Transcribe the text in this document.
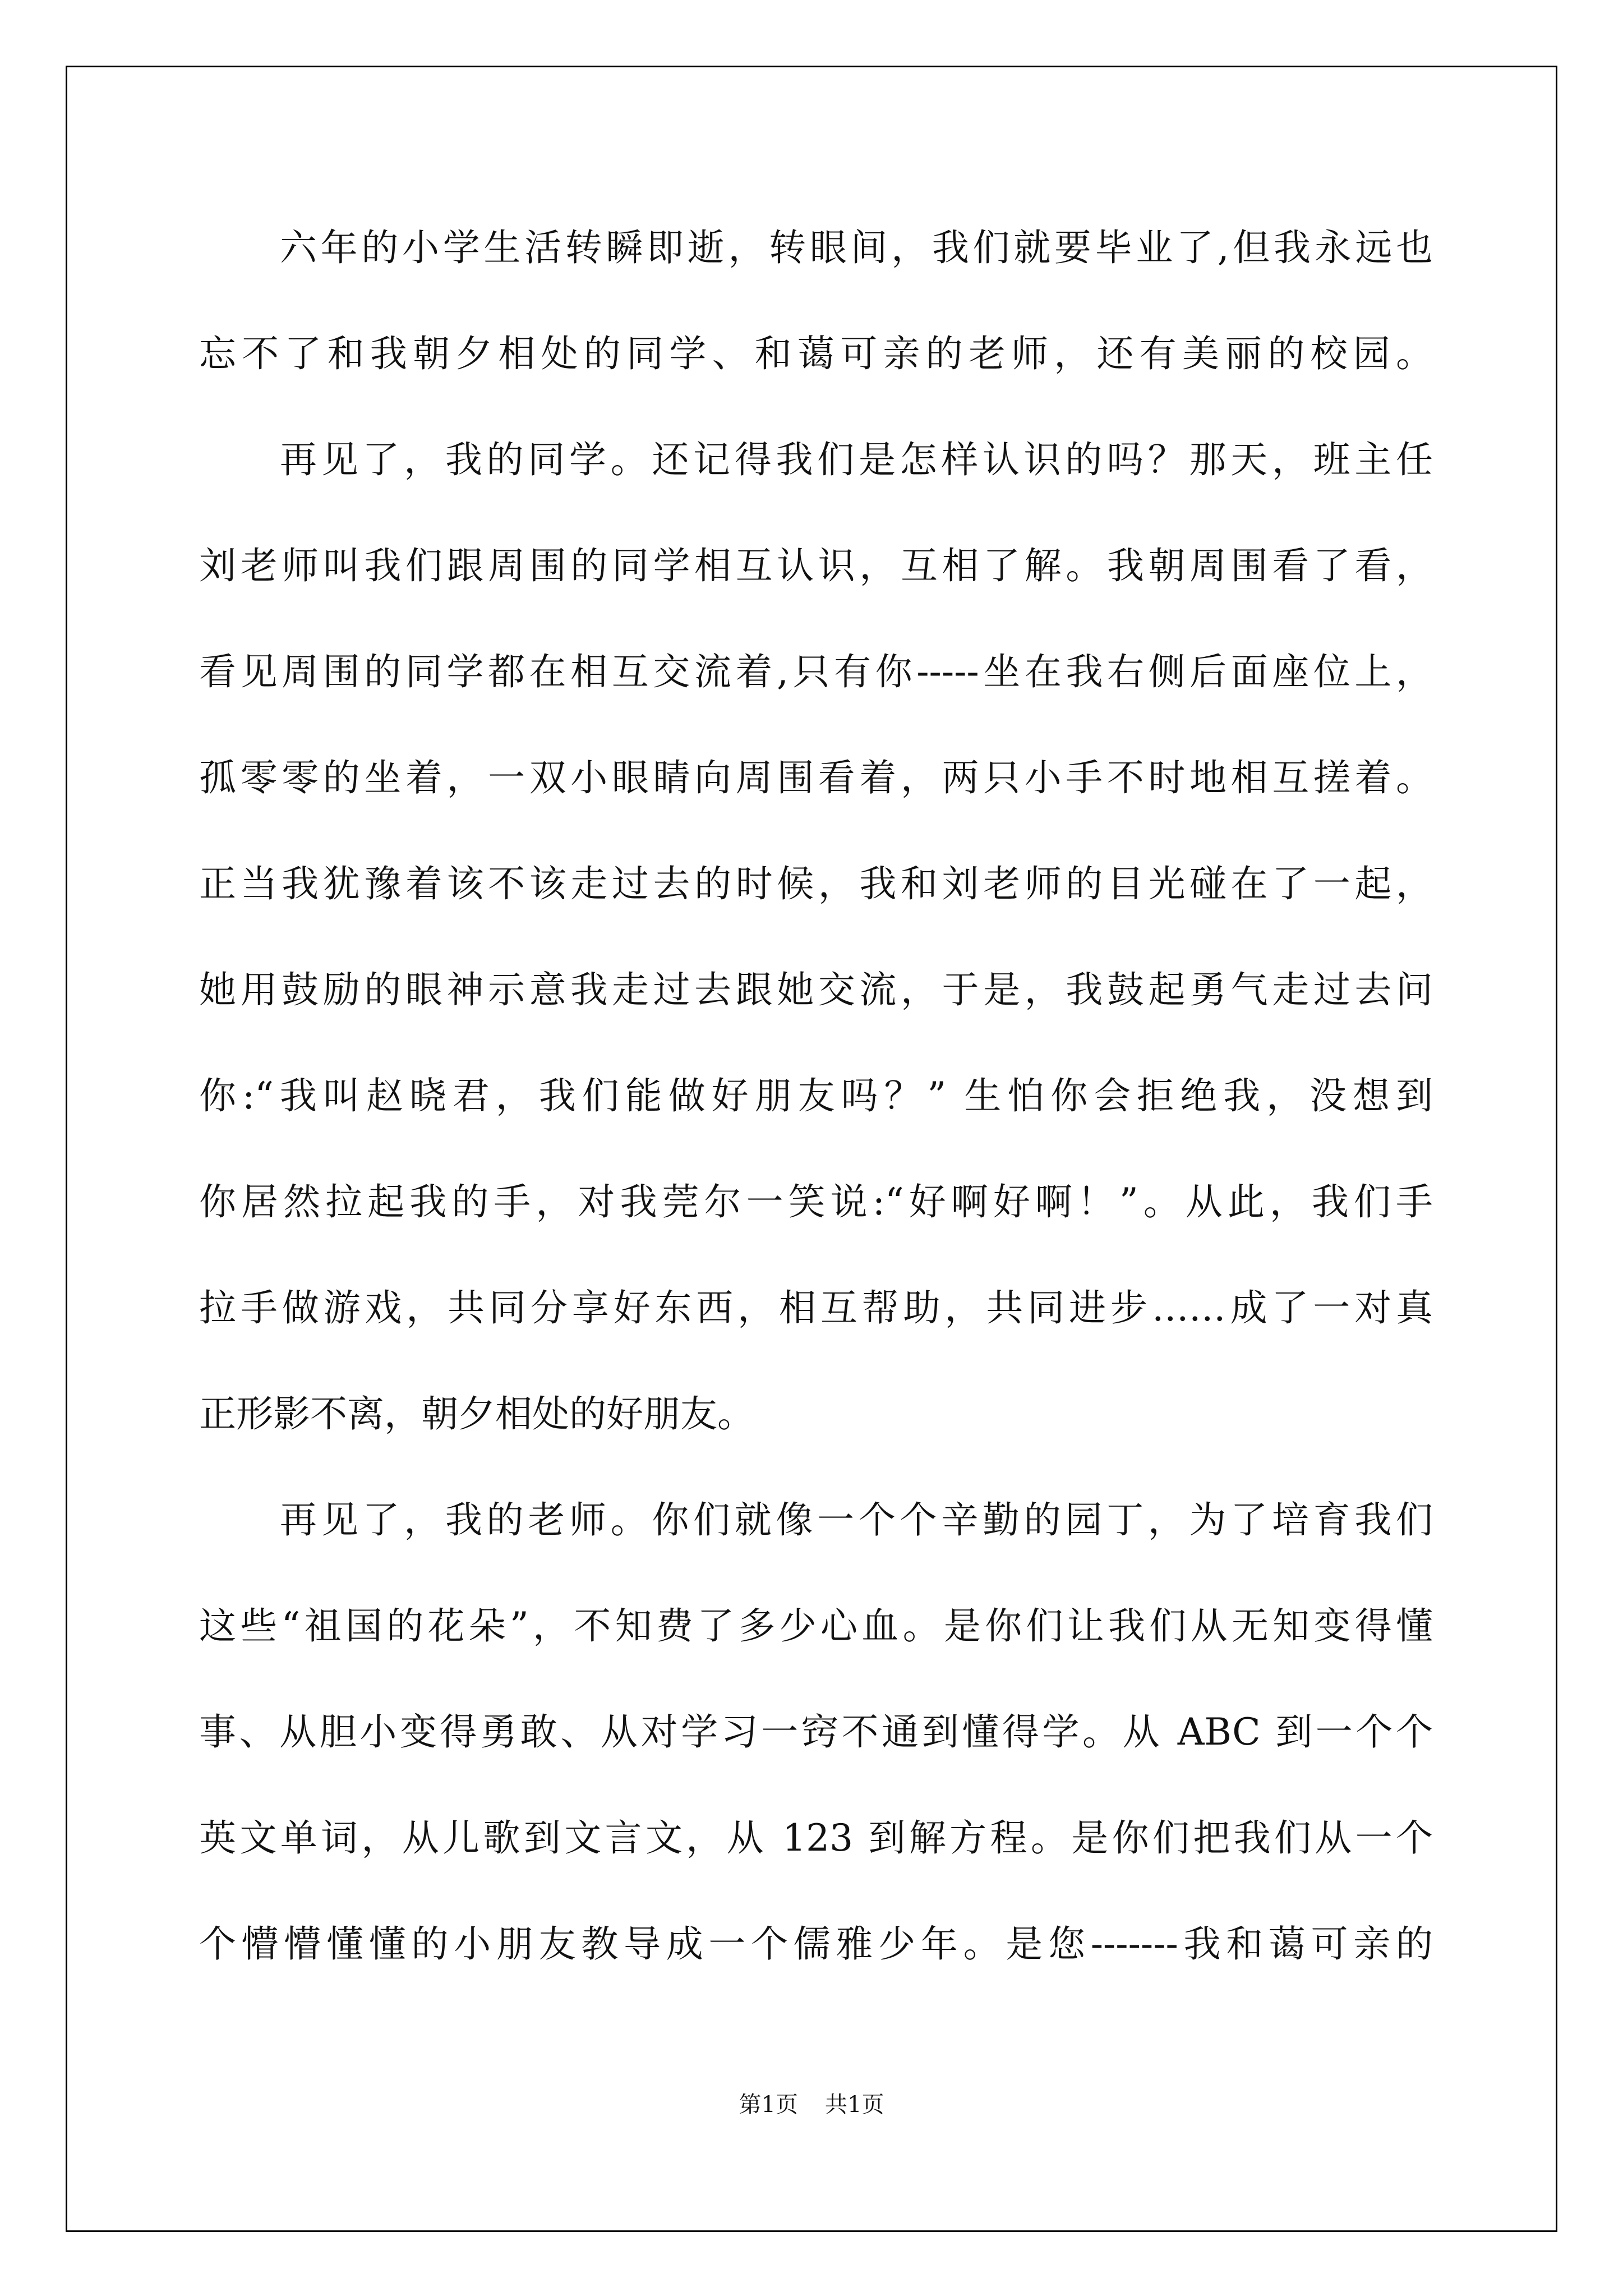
六年的小学生活转瞬即逝，转眼间，我们就要毕业了,但我永远也
忘不了和我朝夕相处的同学、和蔼可亲的老师，还有美丽的校园。
再见了，我的同学。还记得我们是怎样认识的吗？那天，班主任
刘老师叫我们跟周围的同学相互认识，互相了解。我朝周围看了看，
看见周围的同学都在相互交流着,只有你-----坐在我右侧后面座位上，
孤零零的坐着，一双小眼睛向周围看着，两只小手不时地相互搓着。
正当我犹豫着该不该走过去的时候，我和刘老师的目光碰在了一起，
她用鼓励的眼神示意我走过去跟她交流，于是，我鼓起勇气走过去问
你:“我叫赵晓君，我们能做好朋友吗？” 生怕你会拒绝我，没想到
你居然拉起我的手，对我莞尔一笑说:“好啊好啊！”。从此，我们手
拉手做游戏，共同分享好东西，相互帮助，共同进步……成了一对真
正形影不离，朝夕相处的好朋友。
再见了，我的老师。你们就像一个个辛勤的园丁，为了培育我们
这些“祖国的花朵”，不知费了多少心血。是你们让我们从无知变得懂
事、从胆小变得勇敢、从对学习一窍不通到懂得学。从 ABC 到一个个
英文单词，从儿歌到文言文，从 123 到解方程。是你们把我们从一个
个懵懵懂懂的小朋友教导成一个儒雅少年。是您-------我和蔼可亲的
第1页 共1页
